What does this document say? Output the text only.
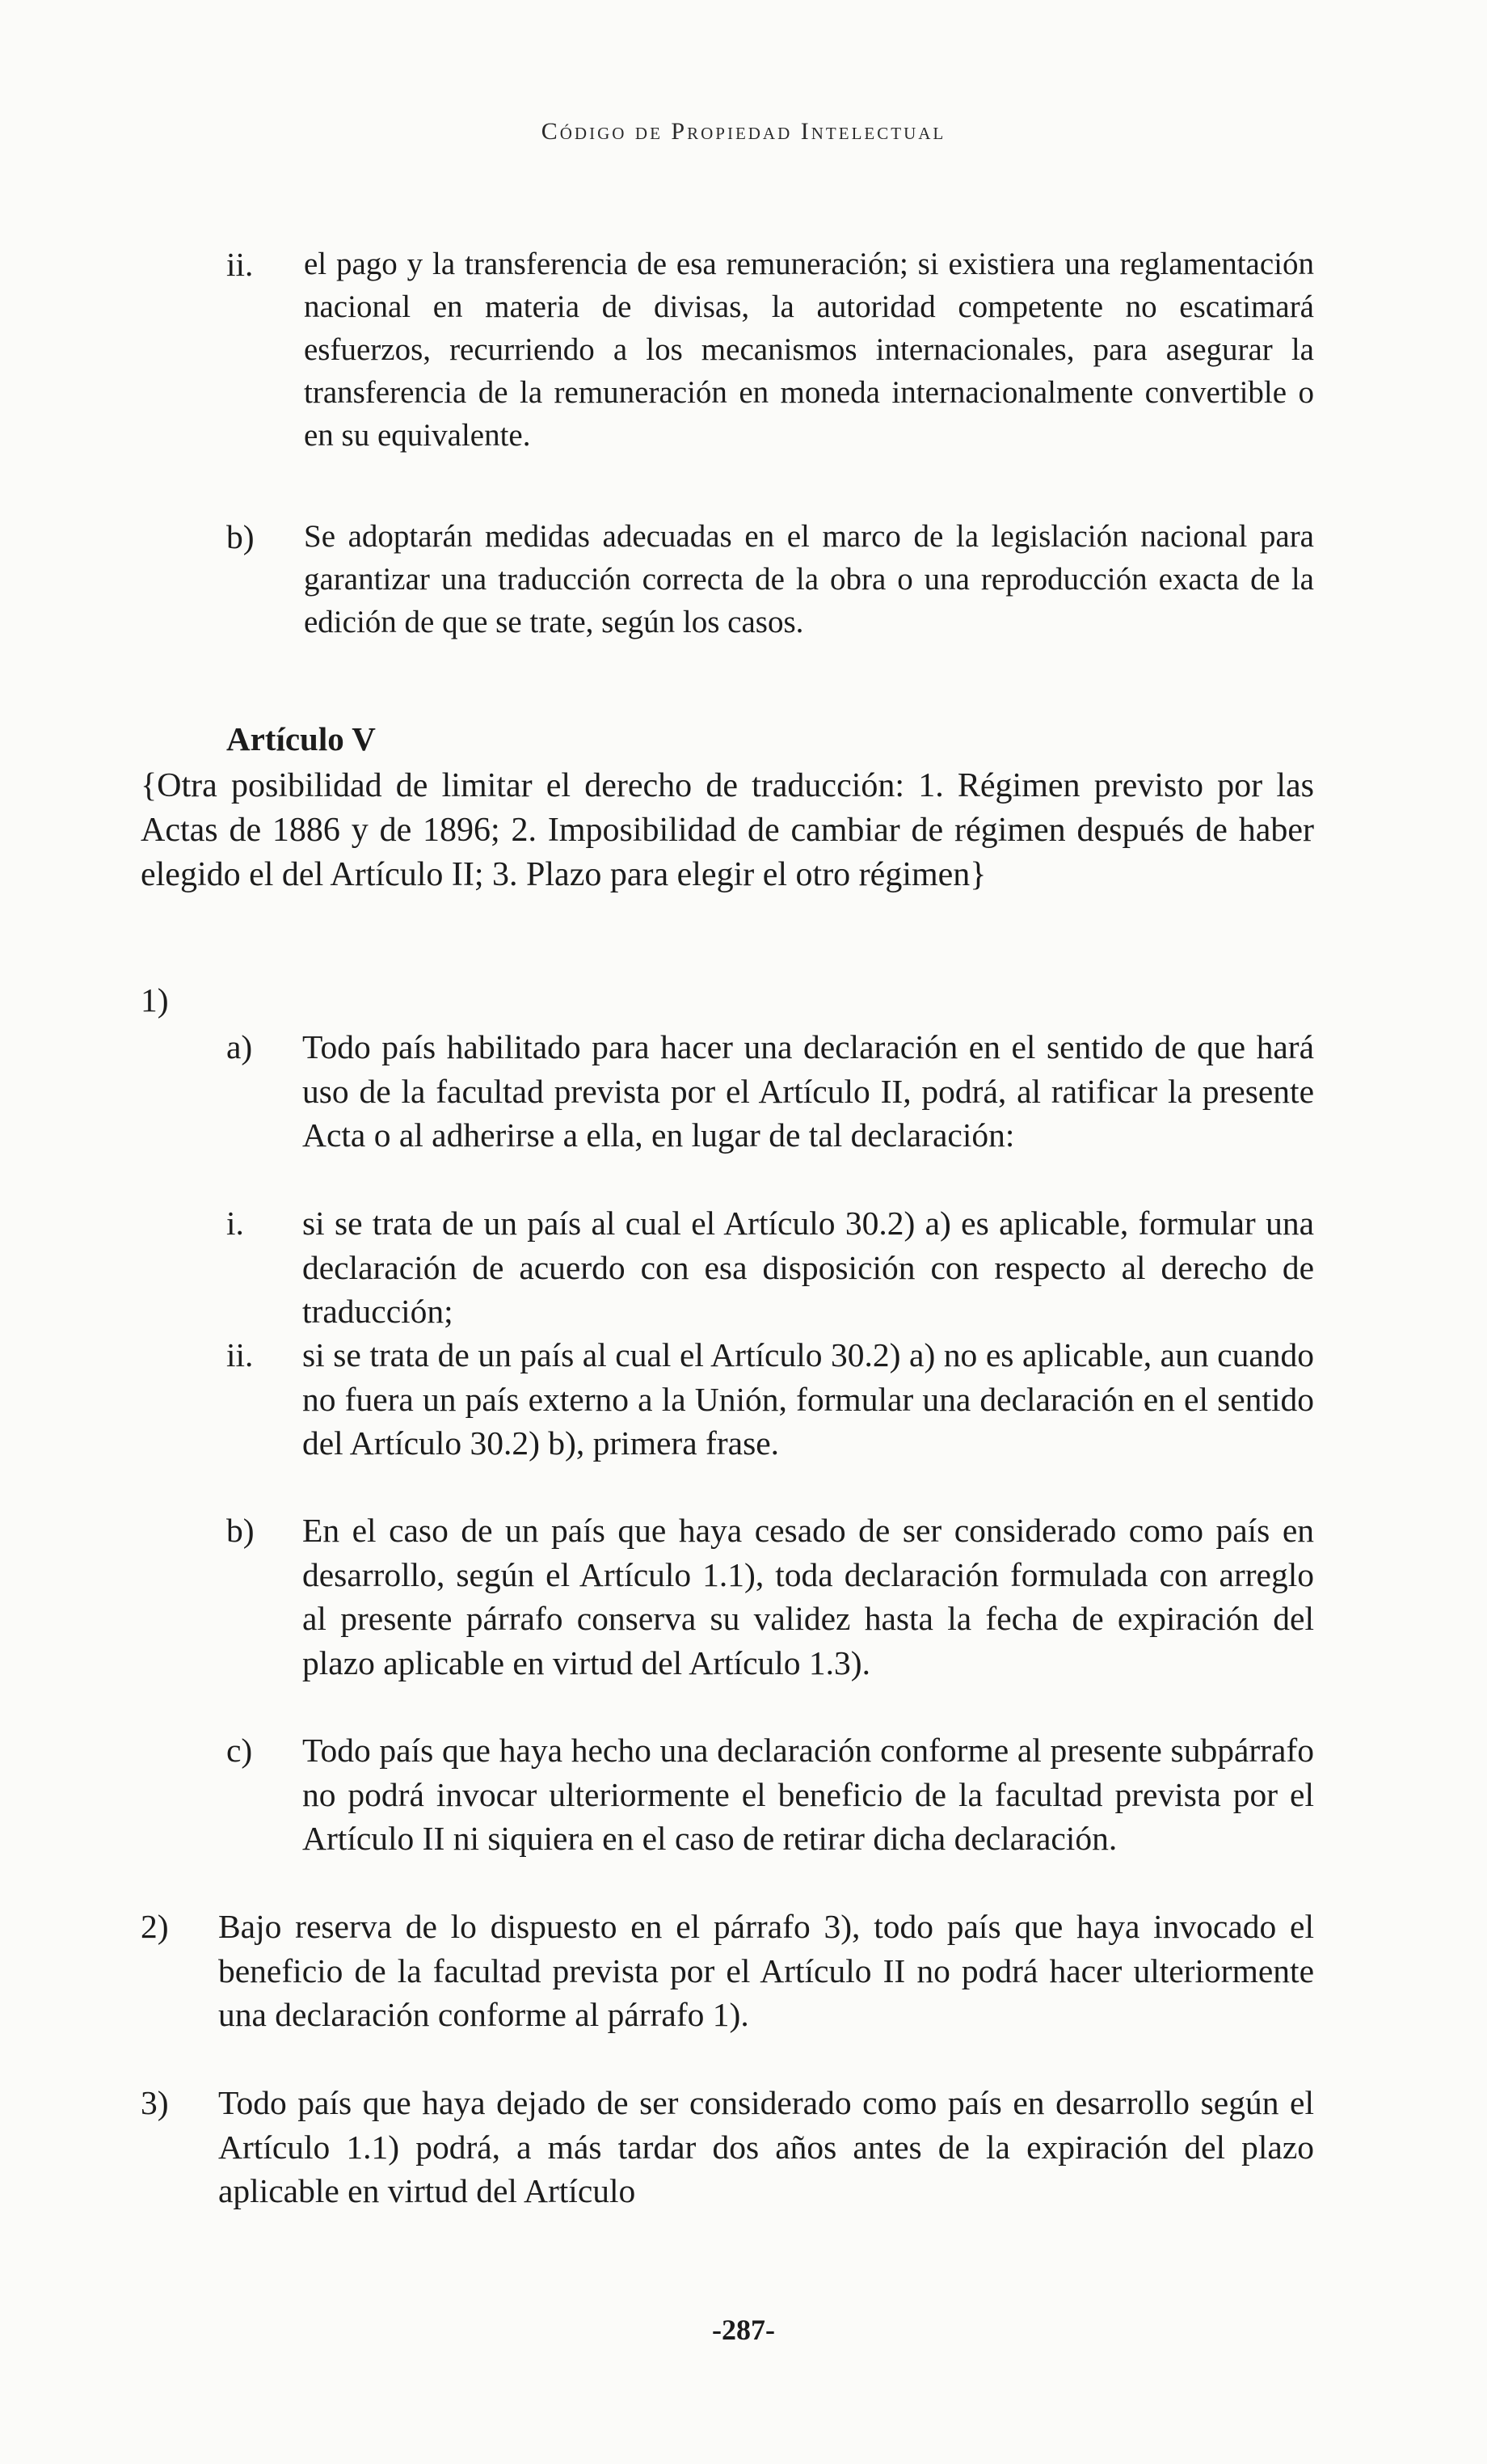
Código de Propiedad Intelectual
ii. el pago y la transferencia de esa remuneración; si existiera una reglamentación nacional en materia de divisas, la autoridad competente no escatimará esfuerzos, recurriendo a los mecanismos internacionales, para asegurar la transferencia de la remuneración en moneda internacionalmente convertible o en su equivalente.
b) Se adoptarán medidas adecuadas en el marco de la legislación nacional para garantizar una traducción correcta de la obra o una reproducción exacta de la edición de que se trate, según los casos.
Artículo V
{Otra posibilidad de limitar el derecho de traducción: 1. Régimen previsto por las Actas de 1886 y de 1896; 2. Imposibilidad de cambiar de régimen después de haber elegido el del Artículo II; 3. Plazo para elegir el otro régimen}
1)
a) Todo país habilitado para hacer una declaración en el sentido de que hará uso de la facultad prevista por el Artículo II, podrá, al ratificar la presente Acta o al adherirse a ella, en lugar de tal declaración:
i. si se trata de un país al cual el Artículo 30.2) a) es aplicable, formular una declaración de acuerdo con esa disposición con respecto al derecho de traducción;
ii. si se trata de un país al cual el Artículo 30.2) a) no es aplicable, aun cuando no fuera un país externo a la Unión, formular una declaración en el sentido del Artículo 30.2) b), primera frase.
b) En el caso de un país que haya cesado de ser considerado como país en desarrollo, según el Artículo 1.1), toda declaración formulada con arreglo al presente párrafo conserva su validez hasta la fecha de expiración del plazo aplicable en virtud del Artículo 1.3).
c) Todo país que haya hecho una declaración conforme al presente subpárrafo no podrá invocar ulteriormente el beneficio de la facultad prevista por el Artículo II ni siquiera en el caso de retirar dicha declaración.
2) Bajo reserva de lo dispuesto en el párrafo 3), todo país que haya invocado el beneficio de la facultad prevista por el Artículo II no podrá hacer ulteriormente una declaración conforme al párrafo 1).
3) Todo país que haya dejado de ser considerado como país en desarrollo según el Artículo 1.1) podrá, a más tardar dos años antes de la expiración del plazo aplicable en virtud del Artículo
-287-
